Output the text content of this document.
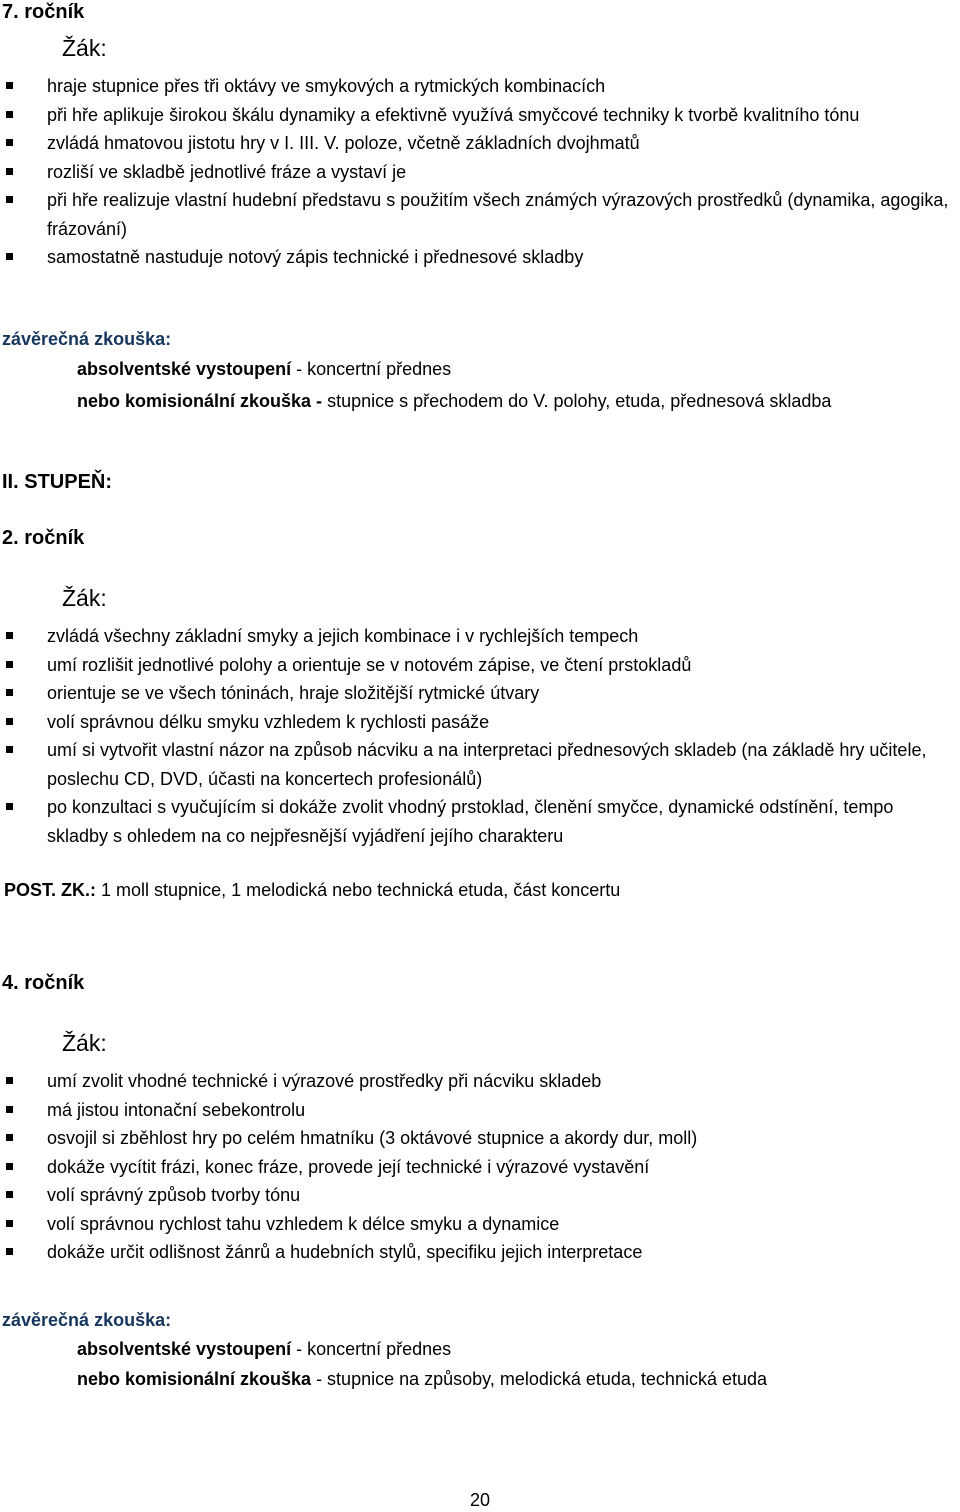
7. ročník
Žák:
hraje stupnice přes tři oktávy ve smykových a rytmických kombinacích
při hře aplikuje širokou škálu dynamiky a efektivně využívá smyčcové techniky k tvorbě kvalitního tónu
zvládá hmatovou jistotu hry v I. III. V. poloze, včetně základních dvojhmatů
rozliší ve skladbě jednotlivé fráze a vystaví je
při hře realizuje vlastní hudební představu s použitím všech známých výrazových prostředků (dynamika, agogika, frázování)
samostatně nastuduje notový zápis technické i přednesové skladby
závěrečná zkouška:
absolventské vystoupení - koncertní přednes
nebo komisionální zkouška - stupnice s přechodem do V. polohy, etuda, přednesová skladba
II. STUPEŇ:
2. ročník
Žák:
zvládá všechny základní smyky a jejich kombinace i v rychlejších tempech
umí rozlišit jednotlivé polohy a orientuje se v notovém zápise, ve čtení prstokladů
orientuje se ve všech tóninách, hraje složitější rytmické útvary
volí správnou délku smyku vzhledem k rychlosti pasáže
umí si vytvořit vlastní názor na způsob nácviku a na interpretaci přednesových skladeb (na základě hry učitele, poslechu CD, DVD, účasti na koncertech profesionálů)
po konzultaci s vyučujícím si dokáže zvolit vhodný prstoklad, členění smyčce, dynamické odstínění, tempo skladby s ohledem na co nejpřesnější vyjádření jejího charakteru
POST. ZK.: 1 moll stupnice, 1 melodická nebo technická etuda, část koncertu
4. ročník
Žák:
umí zvolit vhodné technické i výrazové prostředky při nácviku skladeb
má jistou intonační sebekontrolu
osvojil si zběhlost hry po celém hmatníku (3 oktávové stupnice a akordy dur, moll)
dokáže vycítit frázi, konec fráze, provede její technické i výrazové vystavění
volí správný způsob tvorby tónu
volí správnou rychlost tahu vzhledem k délce smyku a dynamice
dokáže určit odlišnost žánrů a hudebních stylů, specifiku jejich interpretace
závěrečná zkouška:
absolventské vystoupení - koncertní přednes
nebo komisionální zkouška - stupnice na způsoby, melodická etuda, technická etuda
20
